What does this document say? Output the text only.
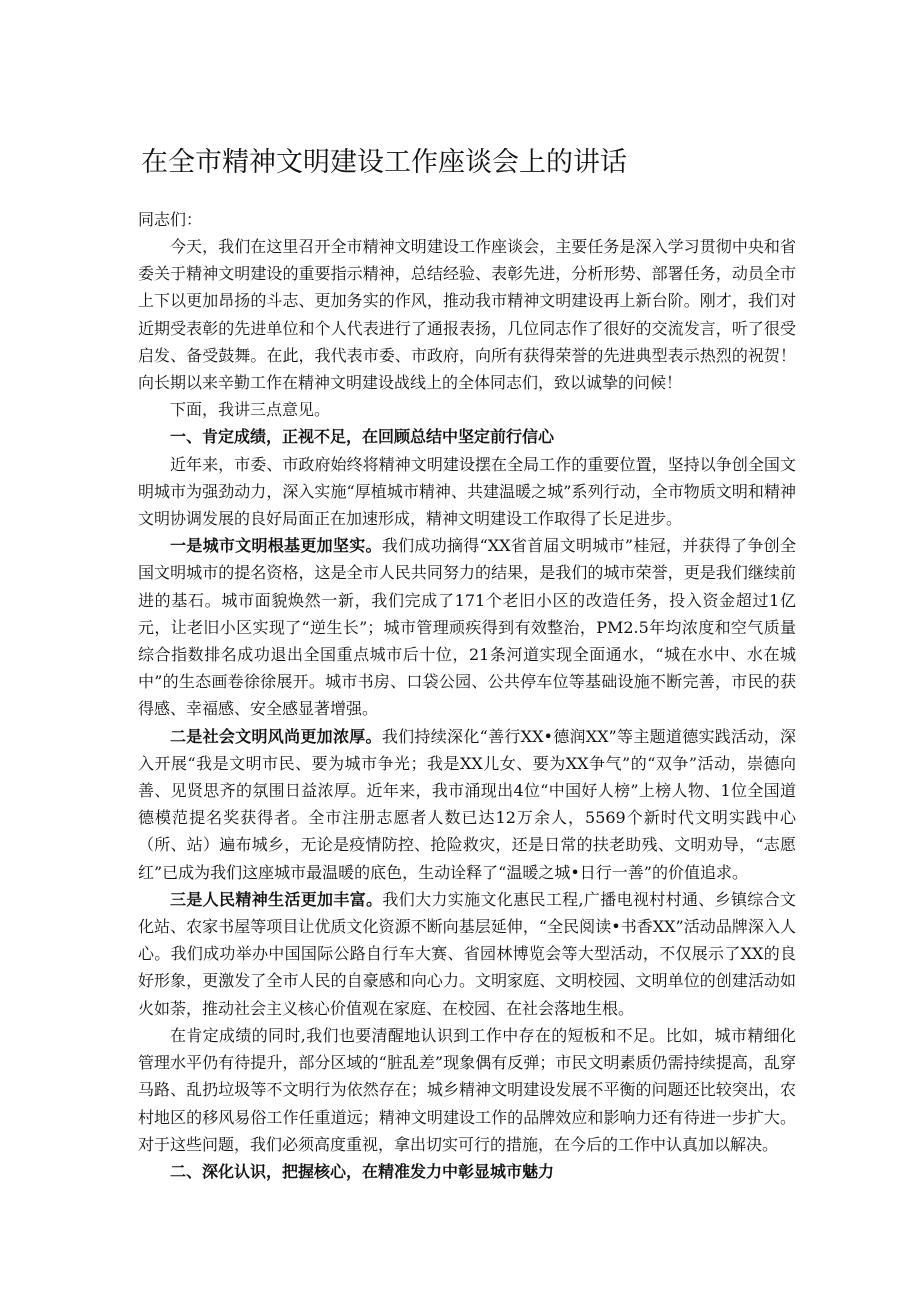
在全市精神文明建设工作座谈会上的讲话
同志们：

今天，我们在这里召开全市精神文明建设工作座谈会，主要任务是深入学习贯彻中央和省委关于精神文明建设的重要指示精神，总结经验、表彰先进，分析形势、部署任务，动员全市上下以更加昂扬的斗志、更加务实的作风，推动我市精神文明建设再上新台阶。刚才，我们对近期受表彰的先进单位和个人代表进行了通报表扬，几位同志作了很好的交流发言，听了很受启发、备受鼓舞。在此，我代表市委、市政府，向所有获得荣誉的先进典型表示热烈的祝贺！向长期以来辛勤工作在精神文明建设战线上的全体同志们，致以诚挚的问候！

下面，我讲三点意见。

一、肯定成绩，正视不足，在回顾总结中坚定前行信心

近年来，市委、市政府始终将精神文明建设摆在全局工作的重要位置，坚持以争创全国文明城市为强劲动力，深入实施“厚植城市精神、共建温暖之城”系列行动，全市物质文明和精神文明协调发展的良好局面正在加速形成，精神文明建设工作取得了长足进步。

一是城市文明根基更加坚实。我们成功摘得“XX省首届文明城市”桂冠，并获得了争创全国文明城市的提名资格，这是全市人民共同努力的结果，是我们的城市荣誉，更是我们继续前进的基石。城市面貌焕然一新，我们完成了171个老旧小区的改造任务，投入资金超过1亿元，让老旧小区实现了“逆生长”；城市管理顽疾得到有效整治，PM2.5年均浓度和空气质量综合指数排名成功退出全国重点城市后十位，21条河道实现全面通水，“城在水中、水在城中”的生态画卷徐徐展开。城市书房、口袋公园、公共停车位等基础设施不断完善，市民的获得感、幸福感、安全感显著增强。

二是社会文明风尚更加浓厚。我们持续深化“善行XX•德润XX”等主题道德实践活动，深入开展“我是文明市民、要为城市争光；我是XX儿女、要为XX争气”的“双争”活动，崇德向善、见贤思齐的氛围日益浓厚。近年来，我市涌现出4位“中国好人榜”上榜人物、1位全国道德模范提名奖获得者。全市注册志愿者人数已达12万余人，5569个新时代文明实践中心（所、站）遍布城乡，无论是疫情防控、抢险救灾，还是日常的扶老助残、文明劝导，“志愿红”已成为我们这座城市最温暖的底色，生动诠释了“温暖之城•日行一善”的价值追求。

三是人民精神生活更加丰富。我们大力实施文化惠民工程,广播电视村村通、乡镇综合文化站、农家书屋等项目让优质文化资源不断向基层延伸，“全民阅读•书香XX”活动品牌深入人心。我们成功举办中国国际公路自行车大赛、省园林博览会等大型活动，不仅展示了XX的良好形象，更激发了全市人民的自豪感和向心力。文明家庭、文明校园、文明单位的创建活动如火如荼，推动社会主义核心价值观在家庭、在校园、在社会落地生根。

在肯定成绩的同时,我们也要清醒地认识到工作中存在的短板和不足。比如，城市精细化管理水平仍有待提升，部分区域的“脏乱差”现象偶有反弹；市民文明素质仍需持续提高，乱穿马路、乱扔垃圾等不文明行为依然存在；城乡精神文明建设发展不平衡的问题还比较突出，农村地区的移风易俗工作任重道远；精神文明建设工作的品牌效应和影响力还有待进一步扩大。对于这些问题，我们必须高度重视，拿出切实可行的措施，在今后的工作中认真加以解决。

二、深化认识，把握核心，在精准发力中彰显城市魅力
